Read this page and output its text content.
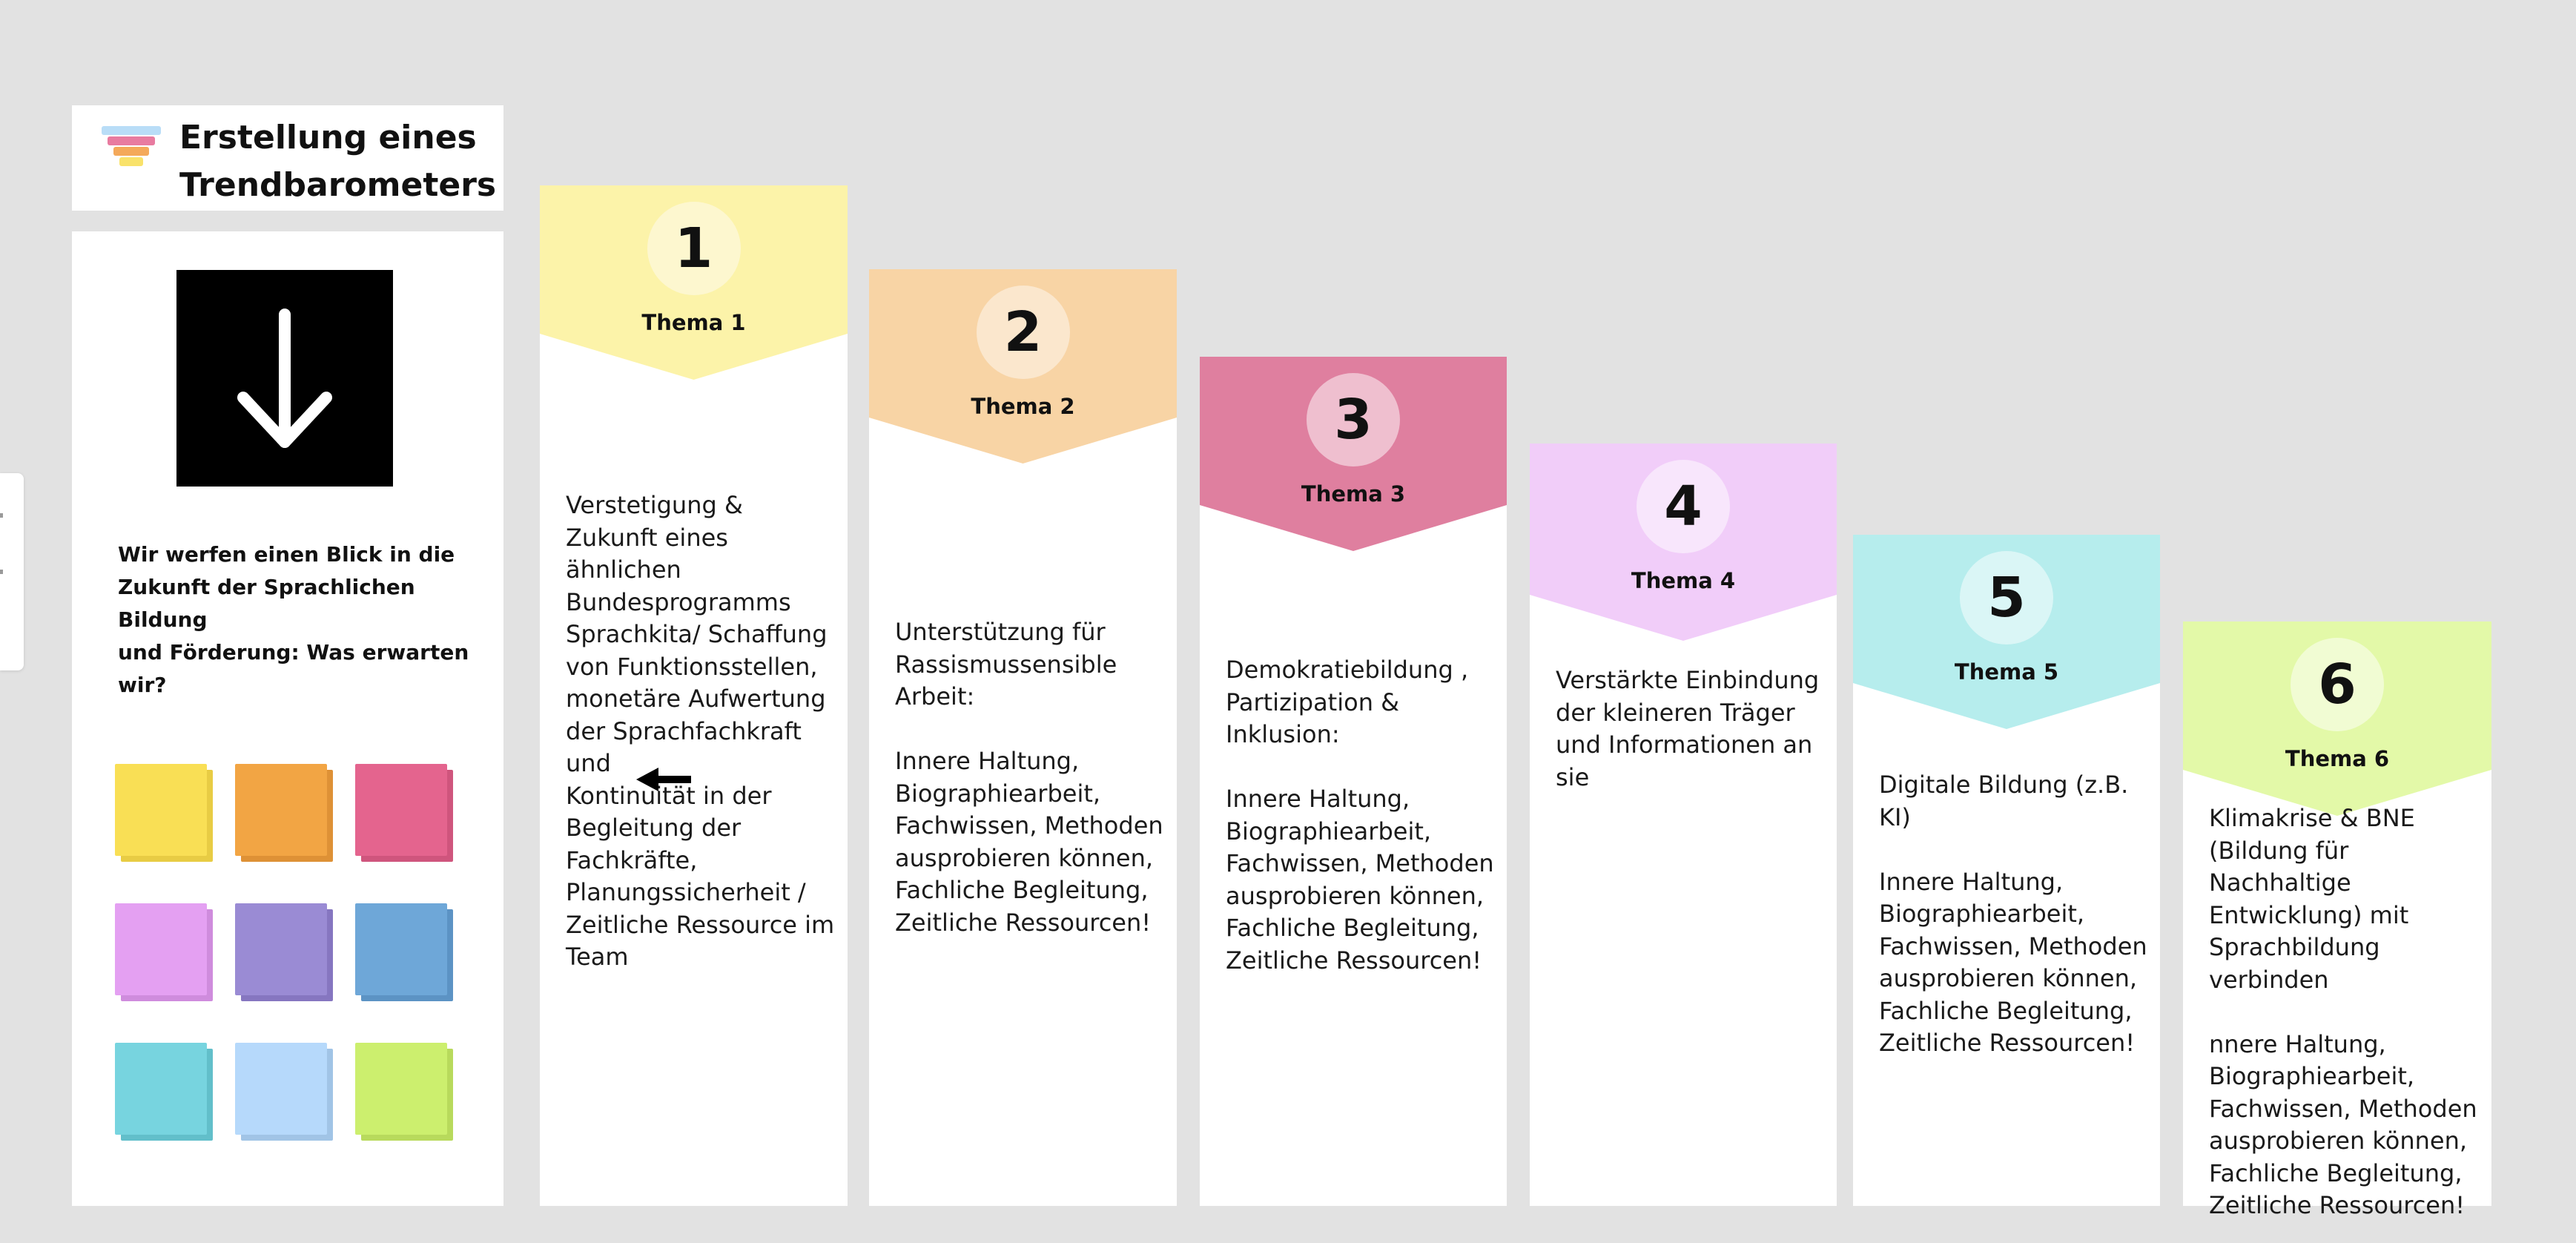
Erstellung eines
Trendbarometers
Wir werfen einen Blick in die
Zukunft der Sprachlichen Bildung
und Förderung: Was erwarten wir?
1
Thema 1
Verstetigung &
Zukunft eines ähnlichen
Bundesprogramms
Sprachkita/ Schaffung
von Funktionsstellen,
monetäre Aufwertung
der Sprachfachkraft und
Kontinuität in der
Begleitung der
Fachkräfte,
Planungssicherheit /
Zeitliche Ressource im
Team
2
Thema 2
Unterstützung für
Rassismussensible
Arbeit:

Innere Haltung,
Biographiearbeit,
Fachwissen, Methoden
ausprobieren können,
Fachliche Begleitung,
Zeitliche Ressourcen!
3
Thema 3
Demokratiebildung ,
Partizipation & Inklusion:

Innere Haltung,
Biographiearbeit,
Fachwissen, Methoden
ausprobieren können,
Fachliche Begleitung,
Zeitliche Ressourcen!
4
Thema 4
Verstärkte Einbindung
der kleineren Träger
und Informationen an
sie
5
Thema 5
Digitale Bildung (z.B. KI)

Innere Haltung,
Biographiearbeit,
Fachwissen, Methoden
ausprobieren können,
Fachliche Begleitung,
Zeitliche Ressourcen!
6
Thema 6
Klimakrise & BNE
(Bildung für Nachhaltige
Entwicklung) mit
Sprachbildung
verbinden

nnere Haltung,
Biographiearbeit,
Fachwissen, Methoden
ausprobieren können,
Fachliche Begleitung,
Zeitliche Ressourcen!
